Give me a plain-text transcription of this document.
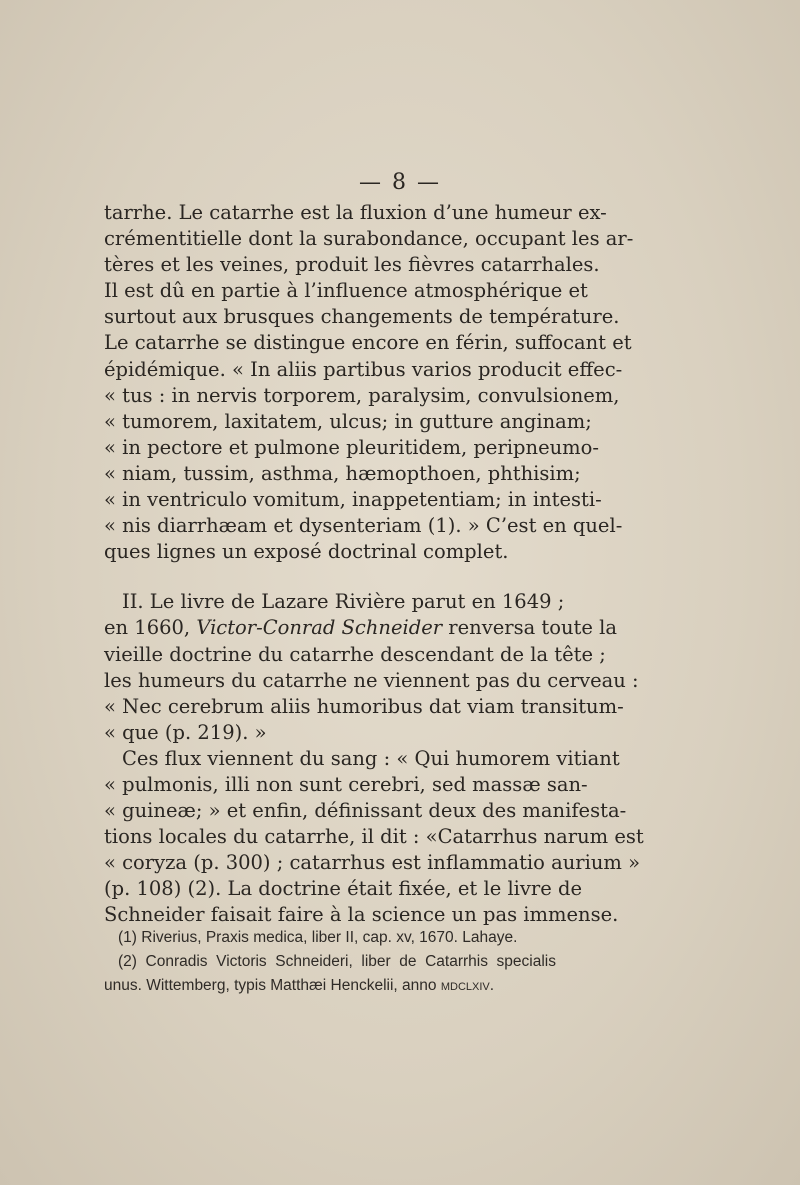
— 8 —
tarrhe. Le catarrhe est la fluxion d’une humeur ex-
crémentitielle dont la surabondance, occupant les ar-
tères et les veines, produit les fièvres catarrhales.
Il est dû en partie à l’influence atmosphérique et
surtout aux brusques changements de température.
Le catarrhe se distingue encore en férin, suffocant et
épidémique. « In aliis partibus varios producit effec-
« tus : in nervis torporem, paralysim, convulsionem,
« tumorem, laxitatem, ulcus; in gutture anginam;
« in pectore et pulmone pleuritidem, peripneumo-
« niam, tussim, asthma, hæmopthoen, phthisim;
« in ventriculo vomitum, inappetentiam; in intesti-
« nis diarrhæam et dysenteriam (1). » C’est en quel-
ques lignes un exposé doctrinal complet.
II. Le livre de Lazare Rivière parut en 1649 ;
en 1660, Victor-Conrad Schneider renversa toute la
vieille doctrine du catarrhe descendant de la tête ;
les humeurs du catarrhe ne viennent pas du cerveau :
« Nec cerebrum aliis humoribus dat viam transitum-
« que (p. 219). »
Ces flux viennent du sang : « Qui humorem vitiant
« pulmonis, illi non sunt cerebri, sed massæ san-
« guineæ; » et enfin, définissant deux des manifesta-
tions locales du catarrhe, il dit : «Catarrhus narum est
« coryza (p. 300) ; catarrhus est inflammatio aurium »
(p. 108) (2). La doctrine était fixée, et le livre de
Schneider faisait faire à la science un pas immense.
(1) Riverius, Praxis medica, liber II, cap. xv, 1670. Lahaye.
(2) Conradis Victoris Schneideri, liber de Catarrhis specialis
unus. Wittemberg, typis Matthæi Henckelii, anno mdclxiv.
